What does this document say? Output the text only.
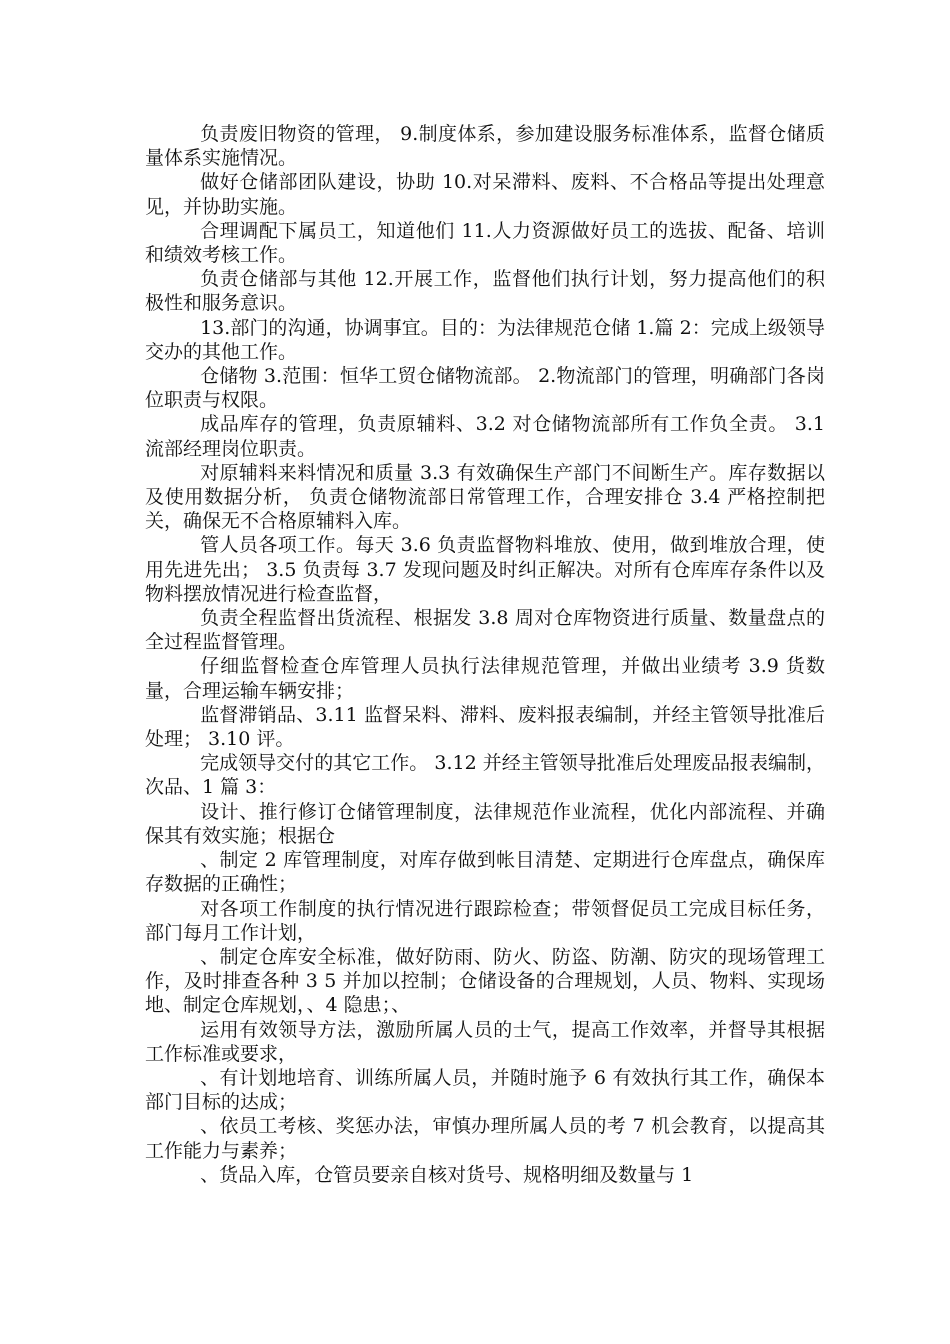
负责废旧物资的管理， 9.制度体系，参加建设服务标准体系，监督仓储质量体系实施情况。

做好仓储部团队建设，协助 10.对呆滞料、废料、不合格品等提出处理意见，并协助实施。

合理调配下属员工，知道他们 11.人力资源做好员工的选拔、配备、培训和绩效考核工作。

负责仓储部与其他 12.开展工作，监督他们执行计划，努力提高他们的积极性和服务意识。

13.部门的沟通，协调事宜。目的：为法律规范仓储 1.篇 2：完成上级领导交办的其他工作。

仓储物 3.范围：恒华工贸仓储物流部。 2.物流部门的管理，明确部门各岗位职责与权限。

成品库存的管理，负责原辅料、3.2 对仓储物流部所有工作负全责。 3.1 流部经理岗位职责。

对原辅料来料情况和质量 3.3 有效确保生产部门不间断生产。库存数据以及使用数据分析， 负责仓储物流部日常管理工作，合理安排仓 3.4 严格控制把关，确保无不合格原辅料入库。

管人员各项工作。每天 3.6 负责监督物料堆放、使用，做到堆放合理，使用先进先出； 3.5 负责每 3.7 发现问题及时纠正解决。对所有仓库库存条件以及物料摆放情况进行检查监督，

负责全程监督出货流程、根据发 3.8 周对仓库物资进行质量、数量盘点的全过程监督管理。

仔细监督检查仓库管理人员执行法律规范管理，并做出业绩考 3.9 货数量，合理运输车辆安排；

监督滞销品、3.11 监督呆料、滞料、废料报表编制，并经主管领导批准后处理； 3.10 评。

完成领导交付的其它工作。 3.12 并经主管领导批准后处理废品报表编制，次品、1 篇 3：

设计、推行修订仓储管理制度，法律规范作业流程，优化内部流程、并确保其有效实施；根据仓

、制定 2 库管理制度，对库存做到帐目清楚、定期进行仓库盘点，确保库存数据的正确性；

对各项工作制度的执行情况进行跟踪检查；带领督促员工完成目标任务，部门每月工作计划，

、制定仓库安全标准，做好防雨、防火、防盗、防潮、防灾的现场管理工作，及时排查各种 3 5 并加以控制；仓储设备的合理规划，人员、物料、实现场地、制定仓库规划，、4 隐患；、

运用有效领导方法，激励所属人员的士气，提高工作效率，并督导其根据工作标准或要求，

、有计划地培育、训练所属人员，并随时施予 6 有效执行其工作，确保本部门目标的达成；

、依员工考核、奖惩办法，审慎办理所属人员的考 7 机会教育，以提高其工作能力与素养；

、货品入库，仓管员要亲自核对货号、规格明细及数量与 1
